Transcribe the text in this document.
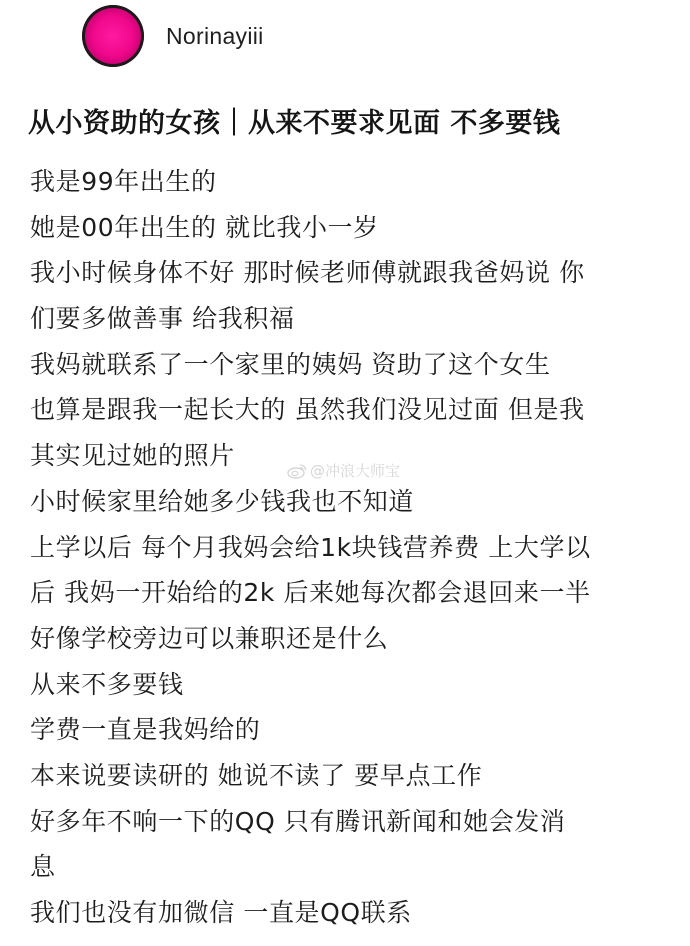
Norinayiii
从小资助的女孩｜从来不要求见面 不多要钱
我是99年出生的
她是00年出生的 就比我小一岁
我小时候身体不好 那时候老师傅就跟我爸妈说 你
们要多做善事 给我积福
我妈就联系了一个家里的姨妈 资助了这个女生
也算是跟我一起长大的 虽然我们没见过面 但是我
其实见过她的照片
小时候家里给她多少钱我也不知道
上学以后 每个月我妈会给1k块钱营养费 上大学以
后 我妈一开始给的2k 后来她每次都会退回来一半
好像学校旁边可以兼职还是什么
从来不多要钱
学费一直是我妈给的
本来说要读研的 她说不读了 要早点工作
好多年不响一下的QQ 只有腾讯新闻和她会发消
息
我们也没有加微信 一直是QQ联系
@冲浪大师宝
